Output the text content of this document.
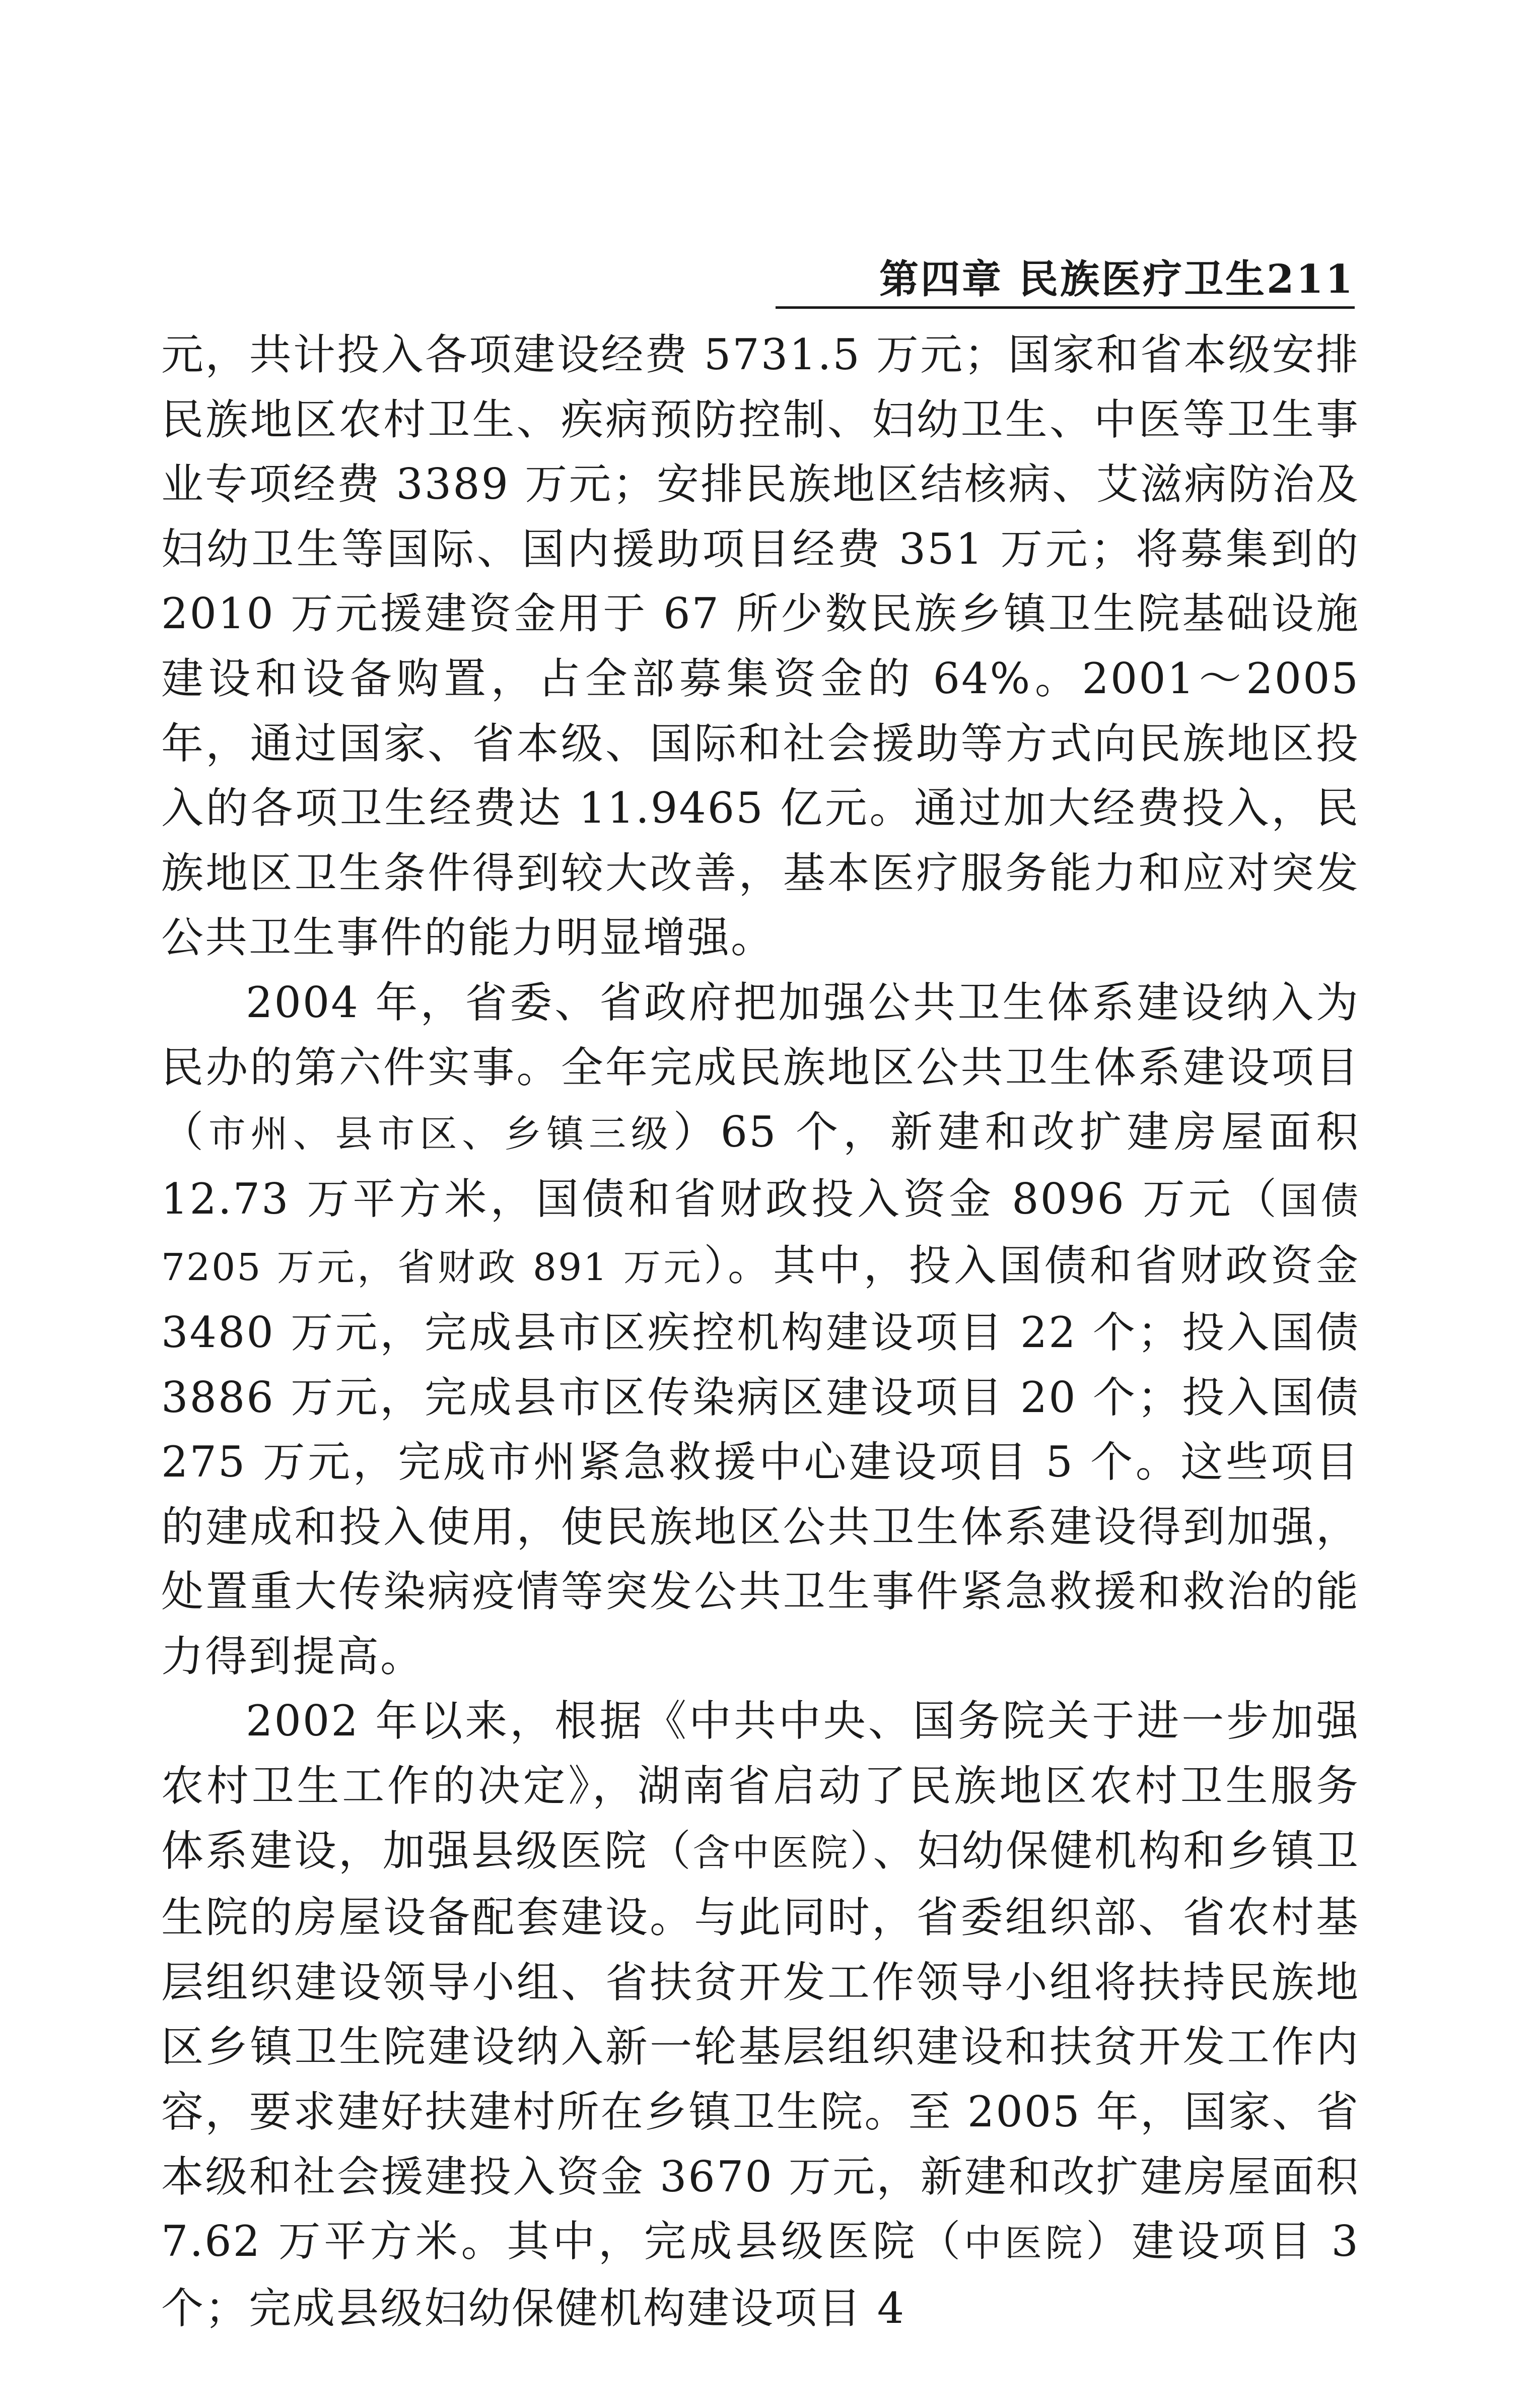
第四章 民族医疗卫生211

元，共计投入各项建设经费 5731.5 万元；国家和省本级安排民族地区农村卫生、疾病预防控制、妇幼卫生、中医等卫生事业专项经费 3389 万元；安排民族地区结核病、艾滋病防治及妇幼卫生等国际、国内援助项目经费 351 万元；将募集到的 2010 万元援建资金用于 67 所少数民族乡镇卫生院基础设施建设和设备购置，占全部募集资金的 64%。2001～2005 年，通过国家、省本级、国际和社会援助等方式向民族地区投入的各项卫生经费达 11.9465 亿元。通过加大经费投入，民族地区卫生条件得到较大改善，基本医疗服务能力和应对突发公共卫生事件的能力明显增强。

2004 年，省委、省政府把加强公共卫生体系建设纳入为民办的第六件实事。全年完成民族地区公共卫生体系建设项目（市州、县市区、乡镇三级）65 个，新建和改扩建房屋面积 12.73 万平方米，国债和省财政投入资金 8096 万元（国债 7205 万元，省财政 891 万元）。其中，投入国债和省财政资金 3480 万元，完成县市区疾控机构建设项目 22 个；投入国债 3886 万元，完成县市区传染病区建设项目 20 个；投入国债 275 万元，完成市州紧急救援中心建设项目 5 个。这些项目的建成和投入使用，使民族地区公共卫生体系建设得到加强，处置重大传染病疫情等突发公共卫生事件紧急救援和救治的能力得到提高。

2002 年以来，根据《中共中央、国务院关于进一步加强农村卫生工作的决定》，湖南省启动了民族地区农村卫生服务体系建设，加强县级医院（含中医院）、妇幼保健机构和乡镇卫生院的房屋设备配套建设。与此同时，省委组织部、省农村基层组织建设领导小组、省扶贫开发工作领导小组将扶持民族地区乡镇卫生院建设纳入新一轮基层组织建设和扶贫开发工作内容，要求建好扶建村所在乡镇卫生院。至 2005 年，国家、省本级和社会援建投入资金 3670 万元，新建和改扩建房屋面积 7.62 万平方米。其中，完成县级医院（中医院）建设项目 3 个；完成县级妇幼保健机构建设项目 4
